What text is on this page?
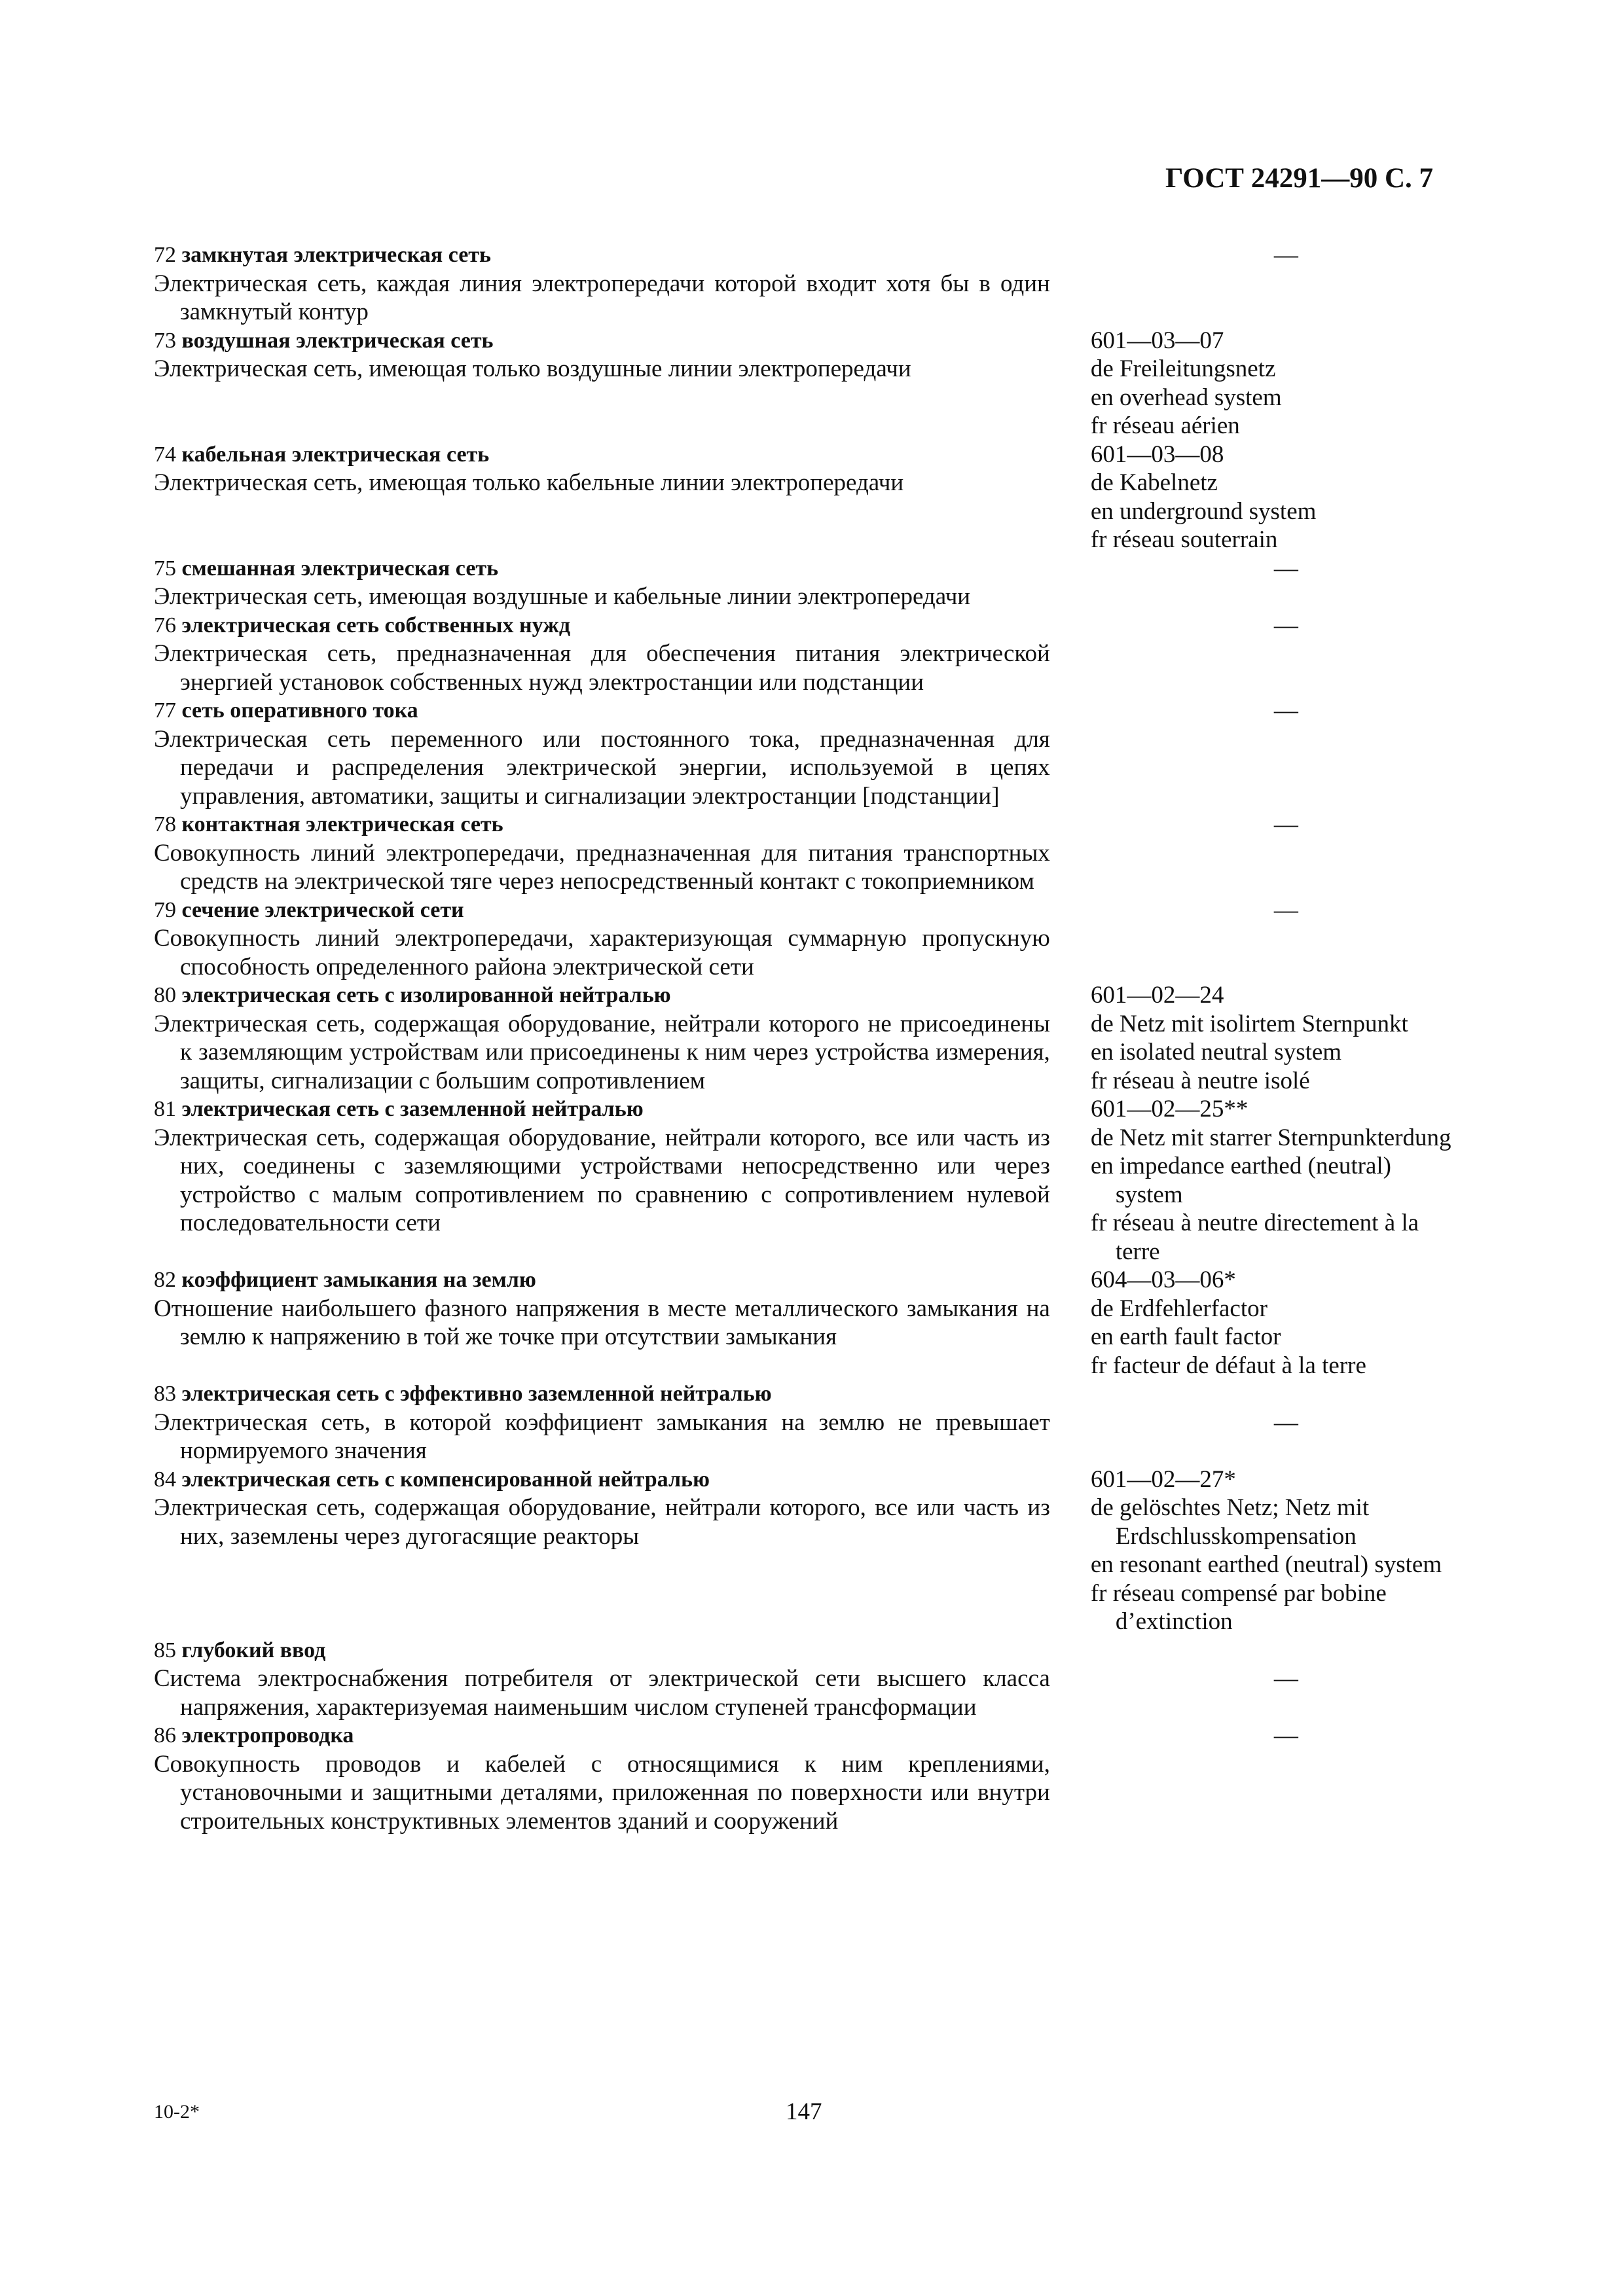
ГОСТ 24291—90 С. 7
72 замкнутая электрическая сеть
Электрическая сеть, каждая линия электропередачи которой входит хотя бы в один замкнутый контур
—
73 воздушная электрическая сеть
Электрическая сеть, имеющая только воздушные линии электропередачи
601—03—07
de Freileitungsnetz
en overhead system
fr réseau aérien
74 кабельная электрическая сеть
Электрическая сеть, имеющая только кабельные линии электропередачи
601—03—08
de Kabelnetz
en underground system
fr réseau souterrain
75 смешанная электрическая сеть
Электрическая сеть, имеющая воздушные и кабельные линии электропередачи
—
76 электрическая сеть собственных нужд
Электрическая сеть, предназначенная для обеспечения питания электрической энергией установок собственных нужд электростанции или подстанции
—
77 сеть оперативного тока
Электрическая сеть переменного или постоянного тока, предназначенная для передачи и распределения электрической энергии, используемой в цепях управления, автоматики, защиты и сигнализации электростанции [подстанции]
—
78 контактная электрическая сеть
Совокупность линий электропередачи, предназначенная для питания транспортных средств на электрической тяге через непосредственный контакт с токоприемником
—
79 сечение электрической сети
Совокупность линий электропередачи, характеризующая суммарную пропускную способность определенного района электрической сети
—
80 электрическая сеть с изолированной нейтралью
Электрическая сеть, содержащая оборудование, нейтрали которого не присоединены к заземляющим устройствам или присоединены к ним через устройства измерения, защиты, сигнализации с большим сопротивлением
601—02—24
de Netz mit isolirtem Sternpunkt
en isolated neutral system
fr réseau à neutre isolé
81 электрическая сеть с заземленной нейтралью
Электрическая сеть, содержащая оборудование, нейтрали которого, все или часть из них, соединены с заземляющими устройствами непосредственно или через устройство с малым сопротивлением по сравнению с сопротивлением нулевой последовательности сети
601—02—25**
de Netz mit starrer Sternpunkterdung
en impedance earthed (neutral) system
fr réseau à neutre directement à la terre
82 коэффициент замыкания на землю
Отношение наибольшего фазного напряжения в месте металлического замыкания на землю к напряжению в той же точке при отсутствии замыкания
604—03—06*
de Erdfehlerfactor
en earth fault factor
fr facteur de défaut à la terre
83 электрическая сеть с эффективно заземленной нейтралью
Электрическая сеть, в которой коэффициент замыкания на землю не превышает нормируемого значения
—
84 электрическая сеть с компенсированной нейтралью
Электрическая сеть, содержащая оборудование, нейтрали которого, все или часть из них, заземлены через дугогасящие реакторы
601—02—27*
de gelöschtes Netz; Netz mit Erdschlusskompensation
en resonant earthed (neutral) system
fr réseau compensé par bobine d’extinction
85 глубокий ввод
Система электроснабжения потребителя от электрической сети высшего класса напряжения, характеризуемая наименьшим числом ступеней трансформации
—
86 электропроводка
Совокупность проводов и кабелей с относящимися к ним креплениями, установочными и защитными деталями, приложенная по поверхности или внутри строительных конструктивных элементов зданий и сооружений
—
10-2*	147
